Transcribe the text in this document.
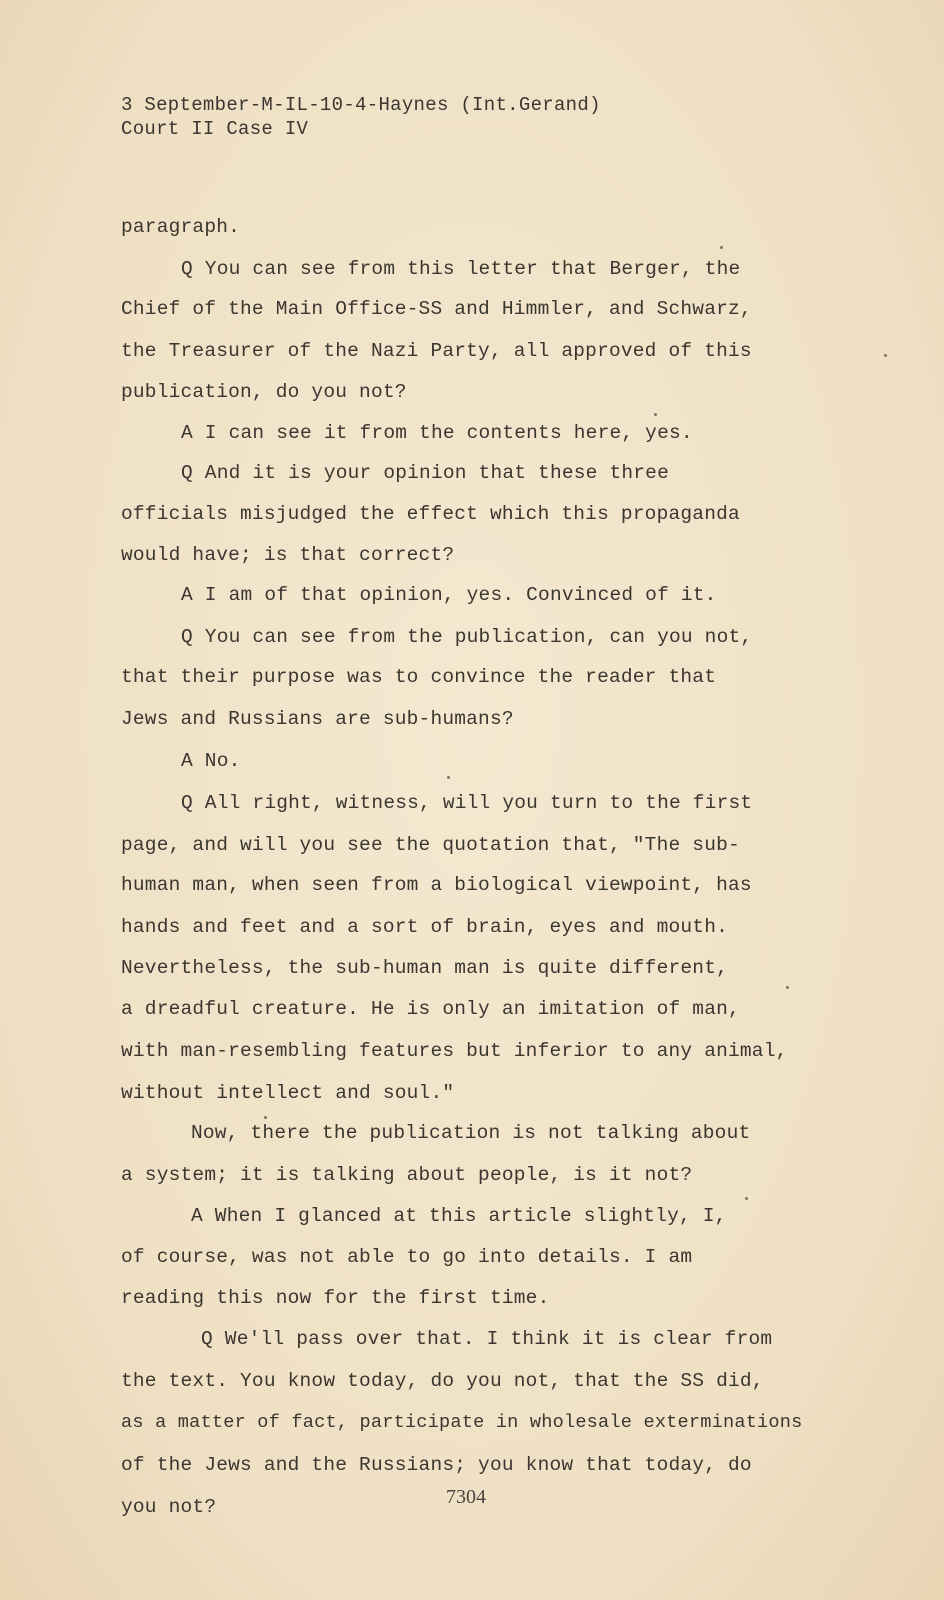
3 September-M-IL-10-4-Haynes (Int.Gerand)
Court II Case IV
paragraph.
Q You can see from this letter that Berger, the
Chief of the Main Office-SS and Himmler, and Schwarz,
the Treasurer of the Nazi Party, all approved of this
publication, do you not?
A I can see it from the contents here, yes.
Q And it is your opinion that these three
officials misjudged the effect which this propaganda
would have; is that correct?
A I am of that opinion, yes. Convinced of it.
Q You can see from the publication, can you not,
that their purpose was to convince the reader that
Jews and Russians are sub-humans?
A No.
Q All right, witness, will you turn to the first
page, and will you see the quotation that, "The sub-
human man, when seen from a biological viewpoint, has
hands and feet and a sort of brain, eyes and mouth.
Nevertheless, the sub-human man is quite different,
a dreadful creature. He is only an imitation of man,
with man-resembling features but inferior to any animal,
without intellect and soul."
Now, there the publication is not talking about
a system; it is talking about people, is it not?
A When I glanced at this article slightly, I,
of course, was not able to go into details. I am
reading this now for the first time.
Q We'll pass over that. I think it is clear from
the text. You know today, do you not, that the SS did,
as a matter of fact, participate in wholesale exterminations
of the Jews and the Russians; you know that today, do
you not?	7304
